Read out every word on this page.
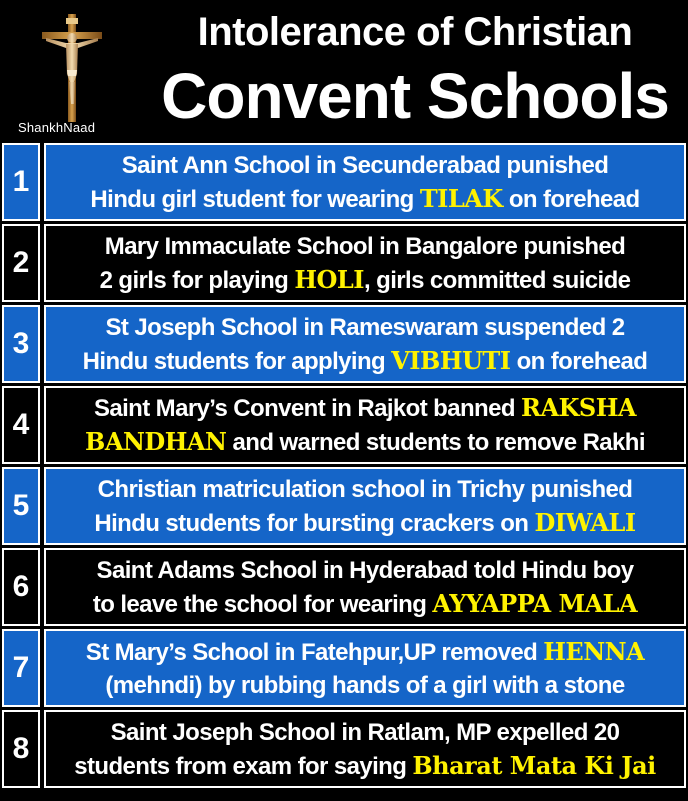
ShankhNaad
Intolerance of Christian
Convent Schools
1	Saint Ann School in Secunderabad punished
Hindu girl student for wearing TILAK on forehead
2	Mary Immaculate School in Bangalore punished
2 girls for playing HOLI, girls committed suicide
3	St Joseph School in Rameswaram suspended 2
Hindu students for applying VIBHUTI on forehead
4	Saint Mary’s Convent in Rajkot banned RAKSHA
BANDHAN and warned students to remove Rakhi
5	Christian matriculation school in Trichy punished
Hindu students for bursting crackers on DIWALI
6	Saint Adams School in Hyderabad told Hindu boy
to leave the school for wearing AYYAPPA MALA
7	St Mary’s School in Fatehpur,UP removed HENNA
(mehndi) by rubbing hands of a girl with a stone
8	Saint Joseph School in Ratlam, MP expelled 20
students from exam for saying Bharat Mata Ki Jai
